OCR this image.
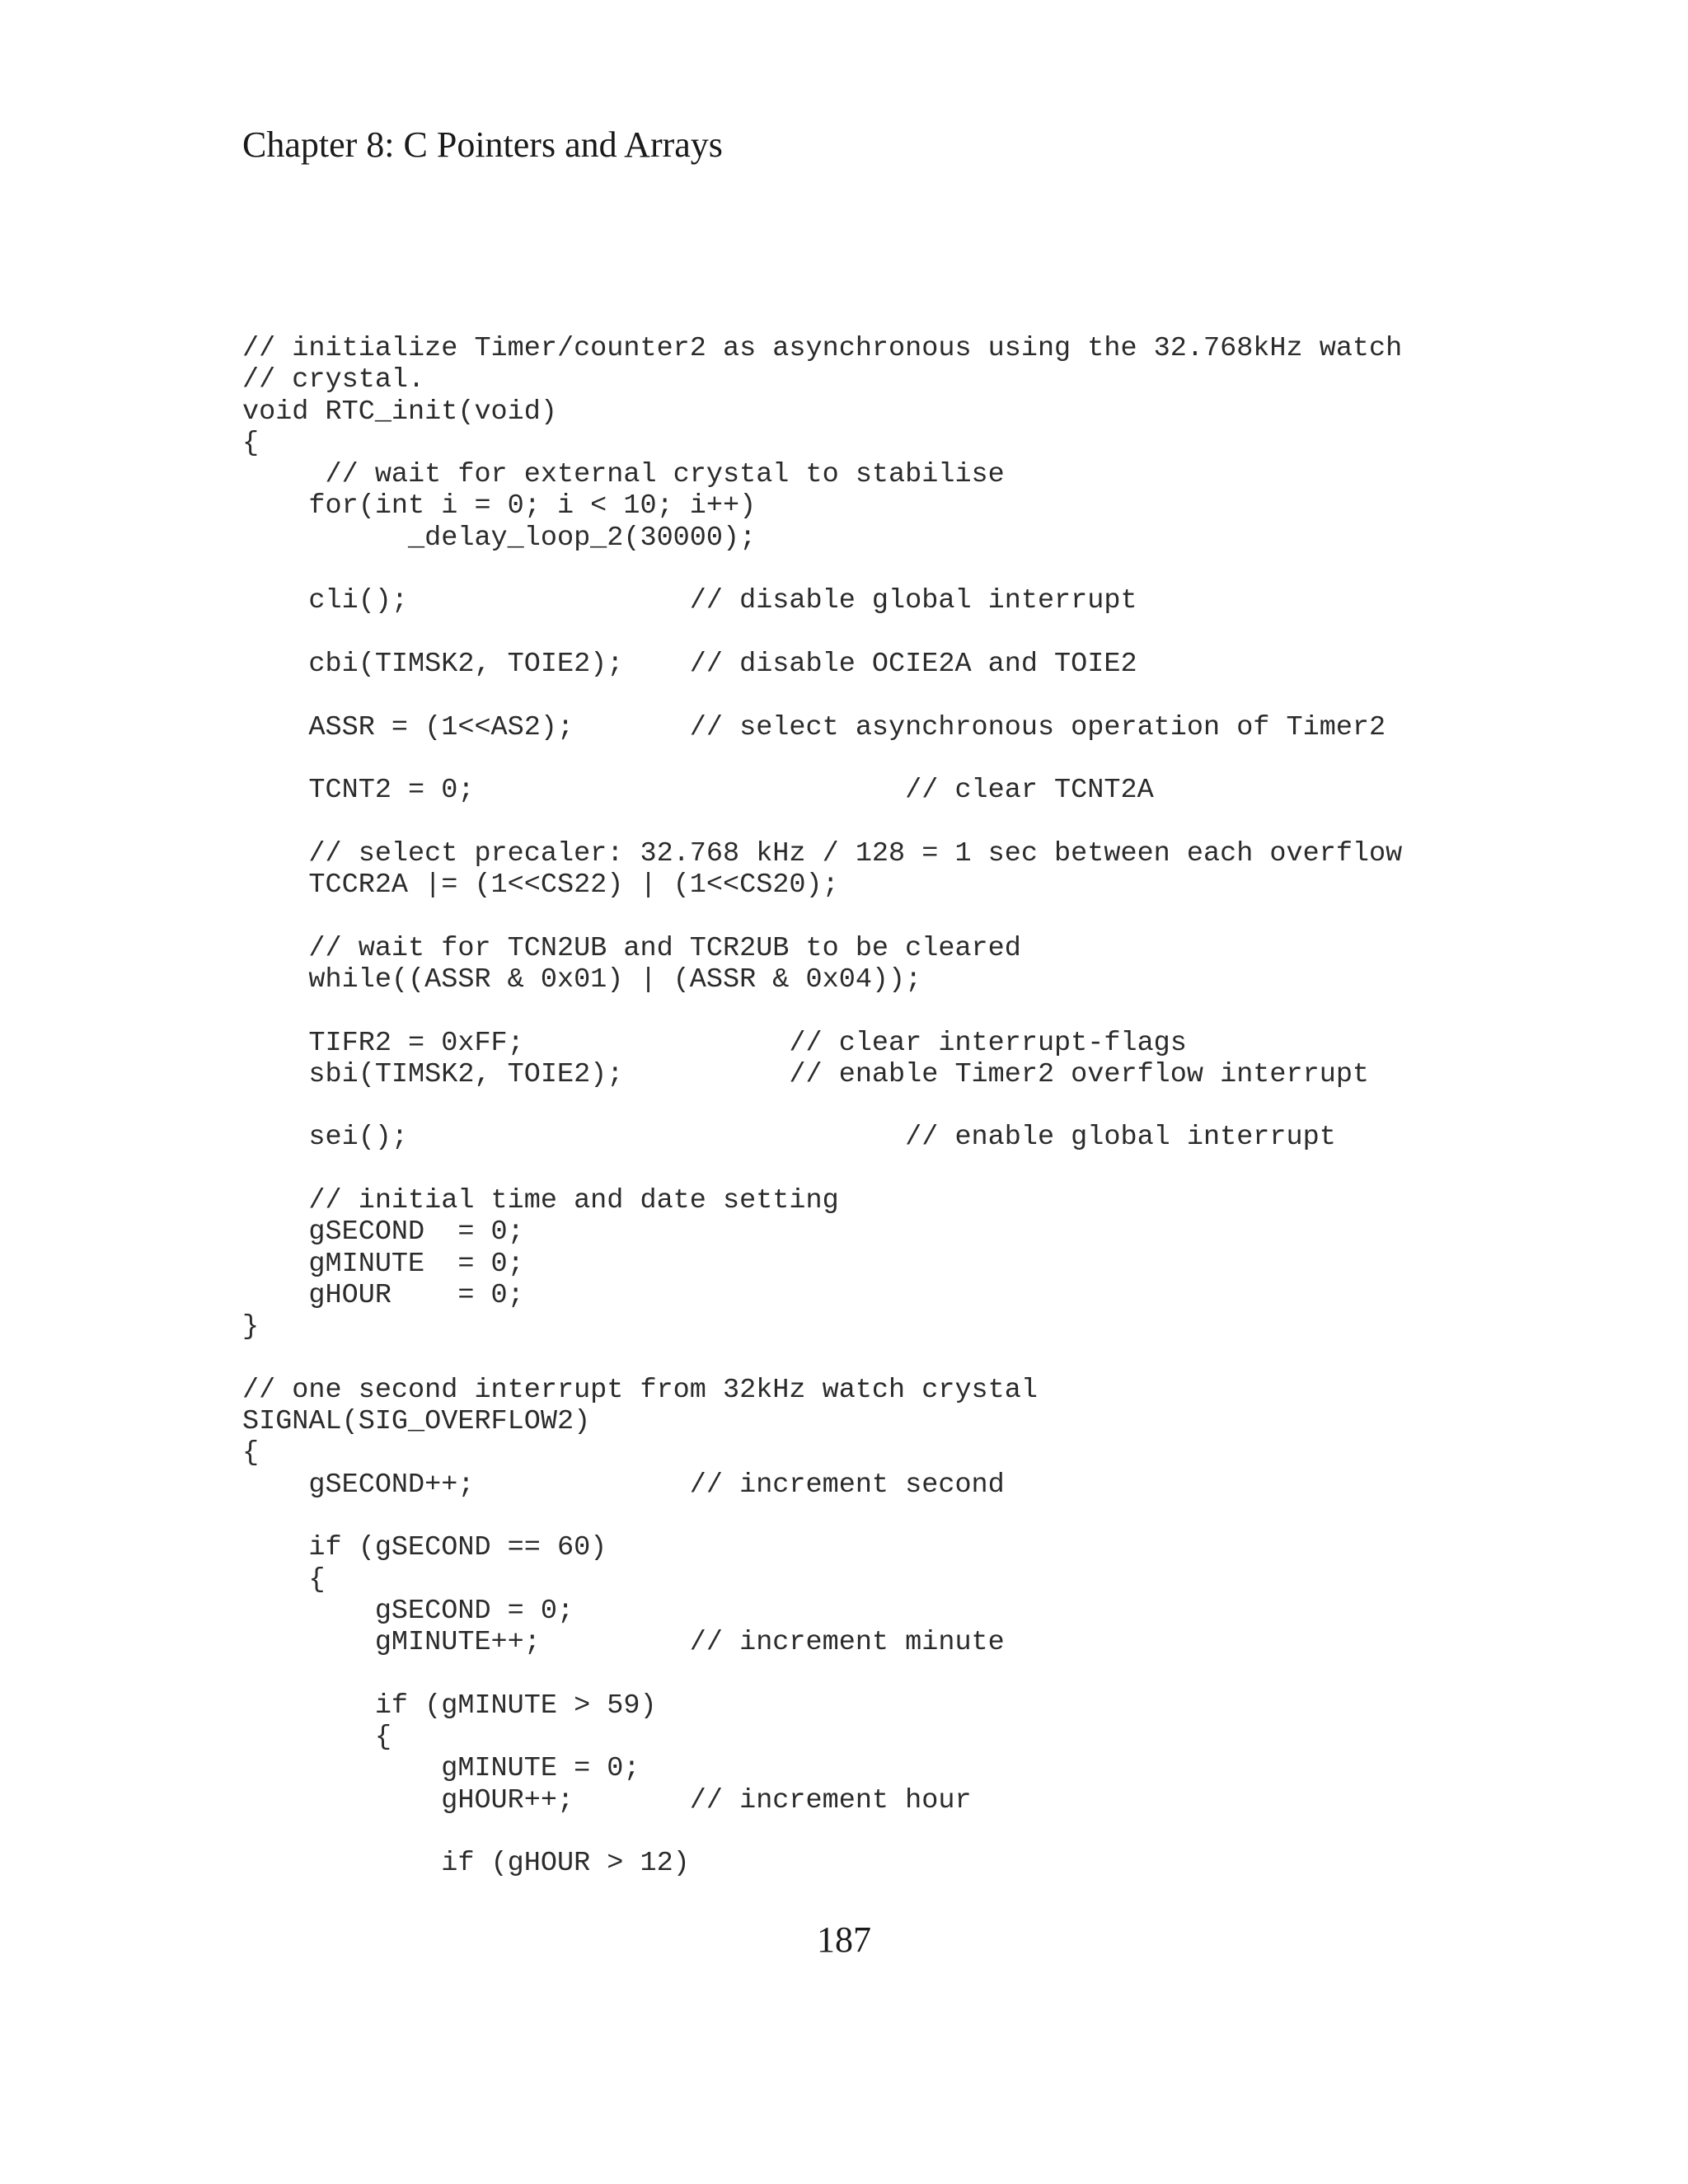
Chapter 8: C Pointers and Arrays
// initialize Timer/counter2 as asynchronous using the 32.768kHz watch
// crystal.
void RTC_init(void)
{
// wait for external crystal to stabilise
for(int i = 0; i < 10; i++)
_delay_loop_2(30000);
cli();                 // disable global interrupt
cbi(TIMSK2, TOIE2);    // disable OCIE2A and TOIE2
ASSR = (1<<AS2);       // select asynchronous operation of Timer2
TCNT2 = 0;                          // clear TCNT2A
// select precaler: 32.768 kHz / 128 = 1 sec between each overflow
TCCR2A |= (1<<CS22) | (1<<CS20);
// wait for TCN2UB and TCR2UB to be cleared
while((ASSR & 0x01) | (ASSR & 0x04));
TIFR2 = 0xFF;                // clear interrupt-flags
sbi(TIMSK2, TOIE2);          // enable Timer2 overflow interrupt
sei();                              // enable global interrupt
// initial time and date setting
gSECOND  = 0;
gMINUTE  = 0;
gHOUR    = 0;
}
// one second interrupt from 32kHz watch crystal
SIGNAL(SIG_OVERFLOW2)
{
gSECOND++;             // increment second
if (gSECOND == 60)
{
gSECOND = 0;
gMINUTE++;         // increment minute
if (gMINUTE > 59)
{
gMINUTE = 0;
gHOUR++;       // increment hour
if (gHOUR > 12)
187
